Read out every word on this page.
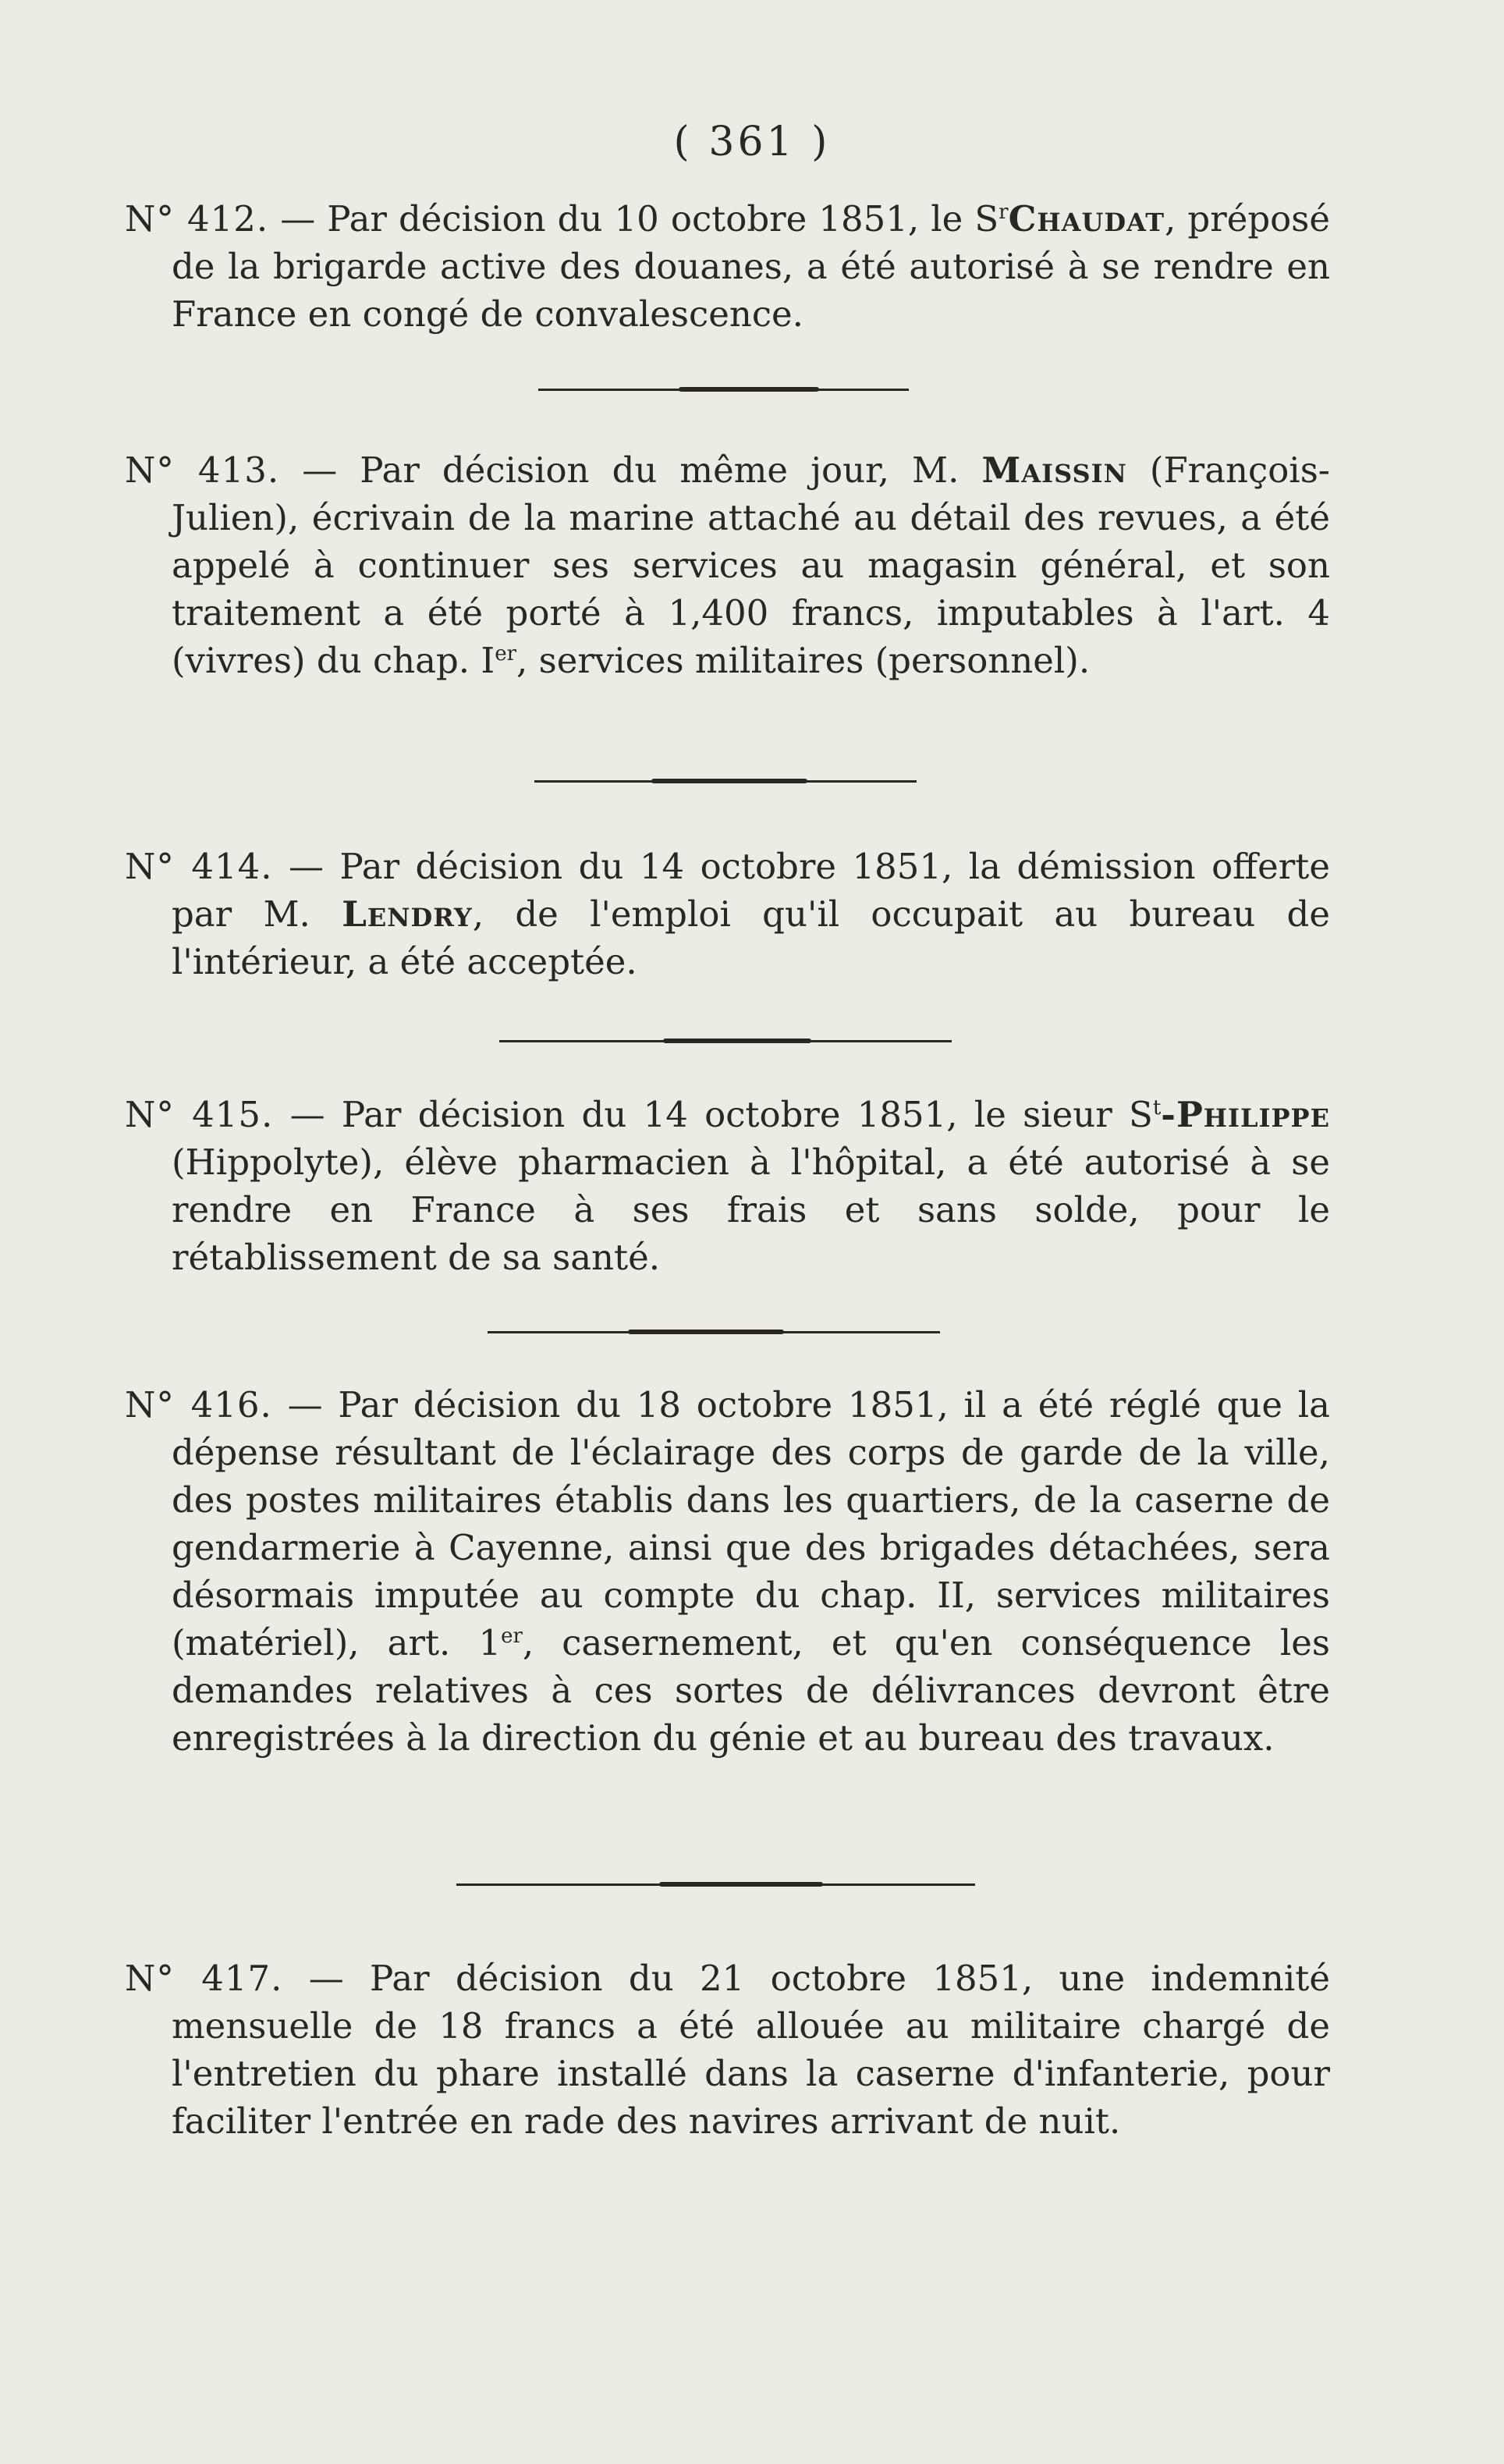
( 361 )

N° 412. — Par décision du 10 octobre 1851, le $S^rChaudat$, préposé de la brigarde active des douanes, a été autorisé à se rendre en France en congé de convalescence.

N° 413. — Par décision du même jour, M. Maissin (François-Julien), écrivain de la marine attaché au détail des revues, a été appelé à continuer ses services au magasin général, et son traitement a été porté à 1,400 francs, imputables à l'art. 4 (vivres) du chap. Ier, services militaires (personnel).

N° 414. — Par décision du 14 octobre 1851, la démission offerte par M. Lendry, de l'emploi qu'il occupait au bureau de l'intérieur, a été acceptée.

N° 415. — Par décision du 14 octobre 1851, le sieur $S^t$-Philippe (Hippolyte), élève pharmacien à l'hôpital, a été autorisé à se rendre en France à ses frais et sans solde, pour le rétablissement de sa santé.

N° 416. — Par décision du 18 octobre 1851, il a été réglé que la dépense résultant de l'éclairage des corps de garde de la ville, des postes militaires établis dans les quartiers, de la caserne de gendarmerie à Cayenne, ainsi que des brigades détachées, sera désormais imputée au compte du chap. II, services militaires (matériel), art. 1er, casernement, et qu'en conséquence les demandes relatives à ces sortes de délivrances devront être enregistrées à la direction du génie et au bureau des travaux.

N° 417. — Par décision du 21 octobre 1851, une indemnité mensuelle de 18 francs a été allouée au militaire chargé de l'entretien du phare installé dans la caserne d'infanterie, pour faciliter l'entrée en rade des navires arrivant de nuit.
